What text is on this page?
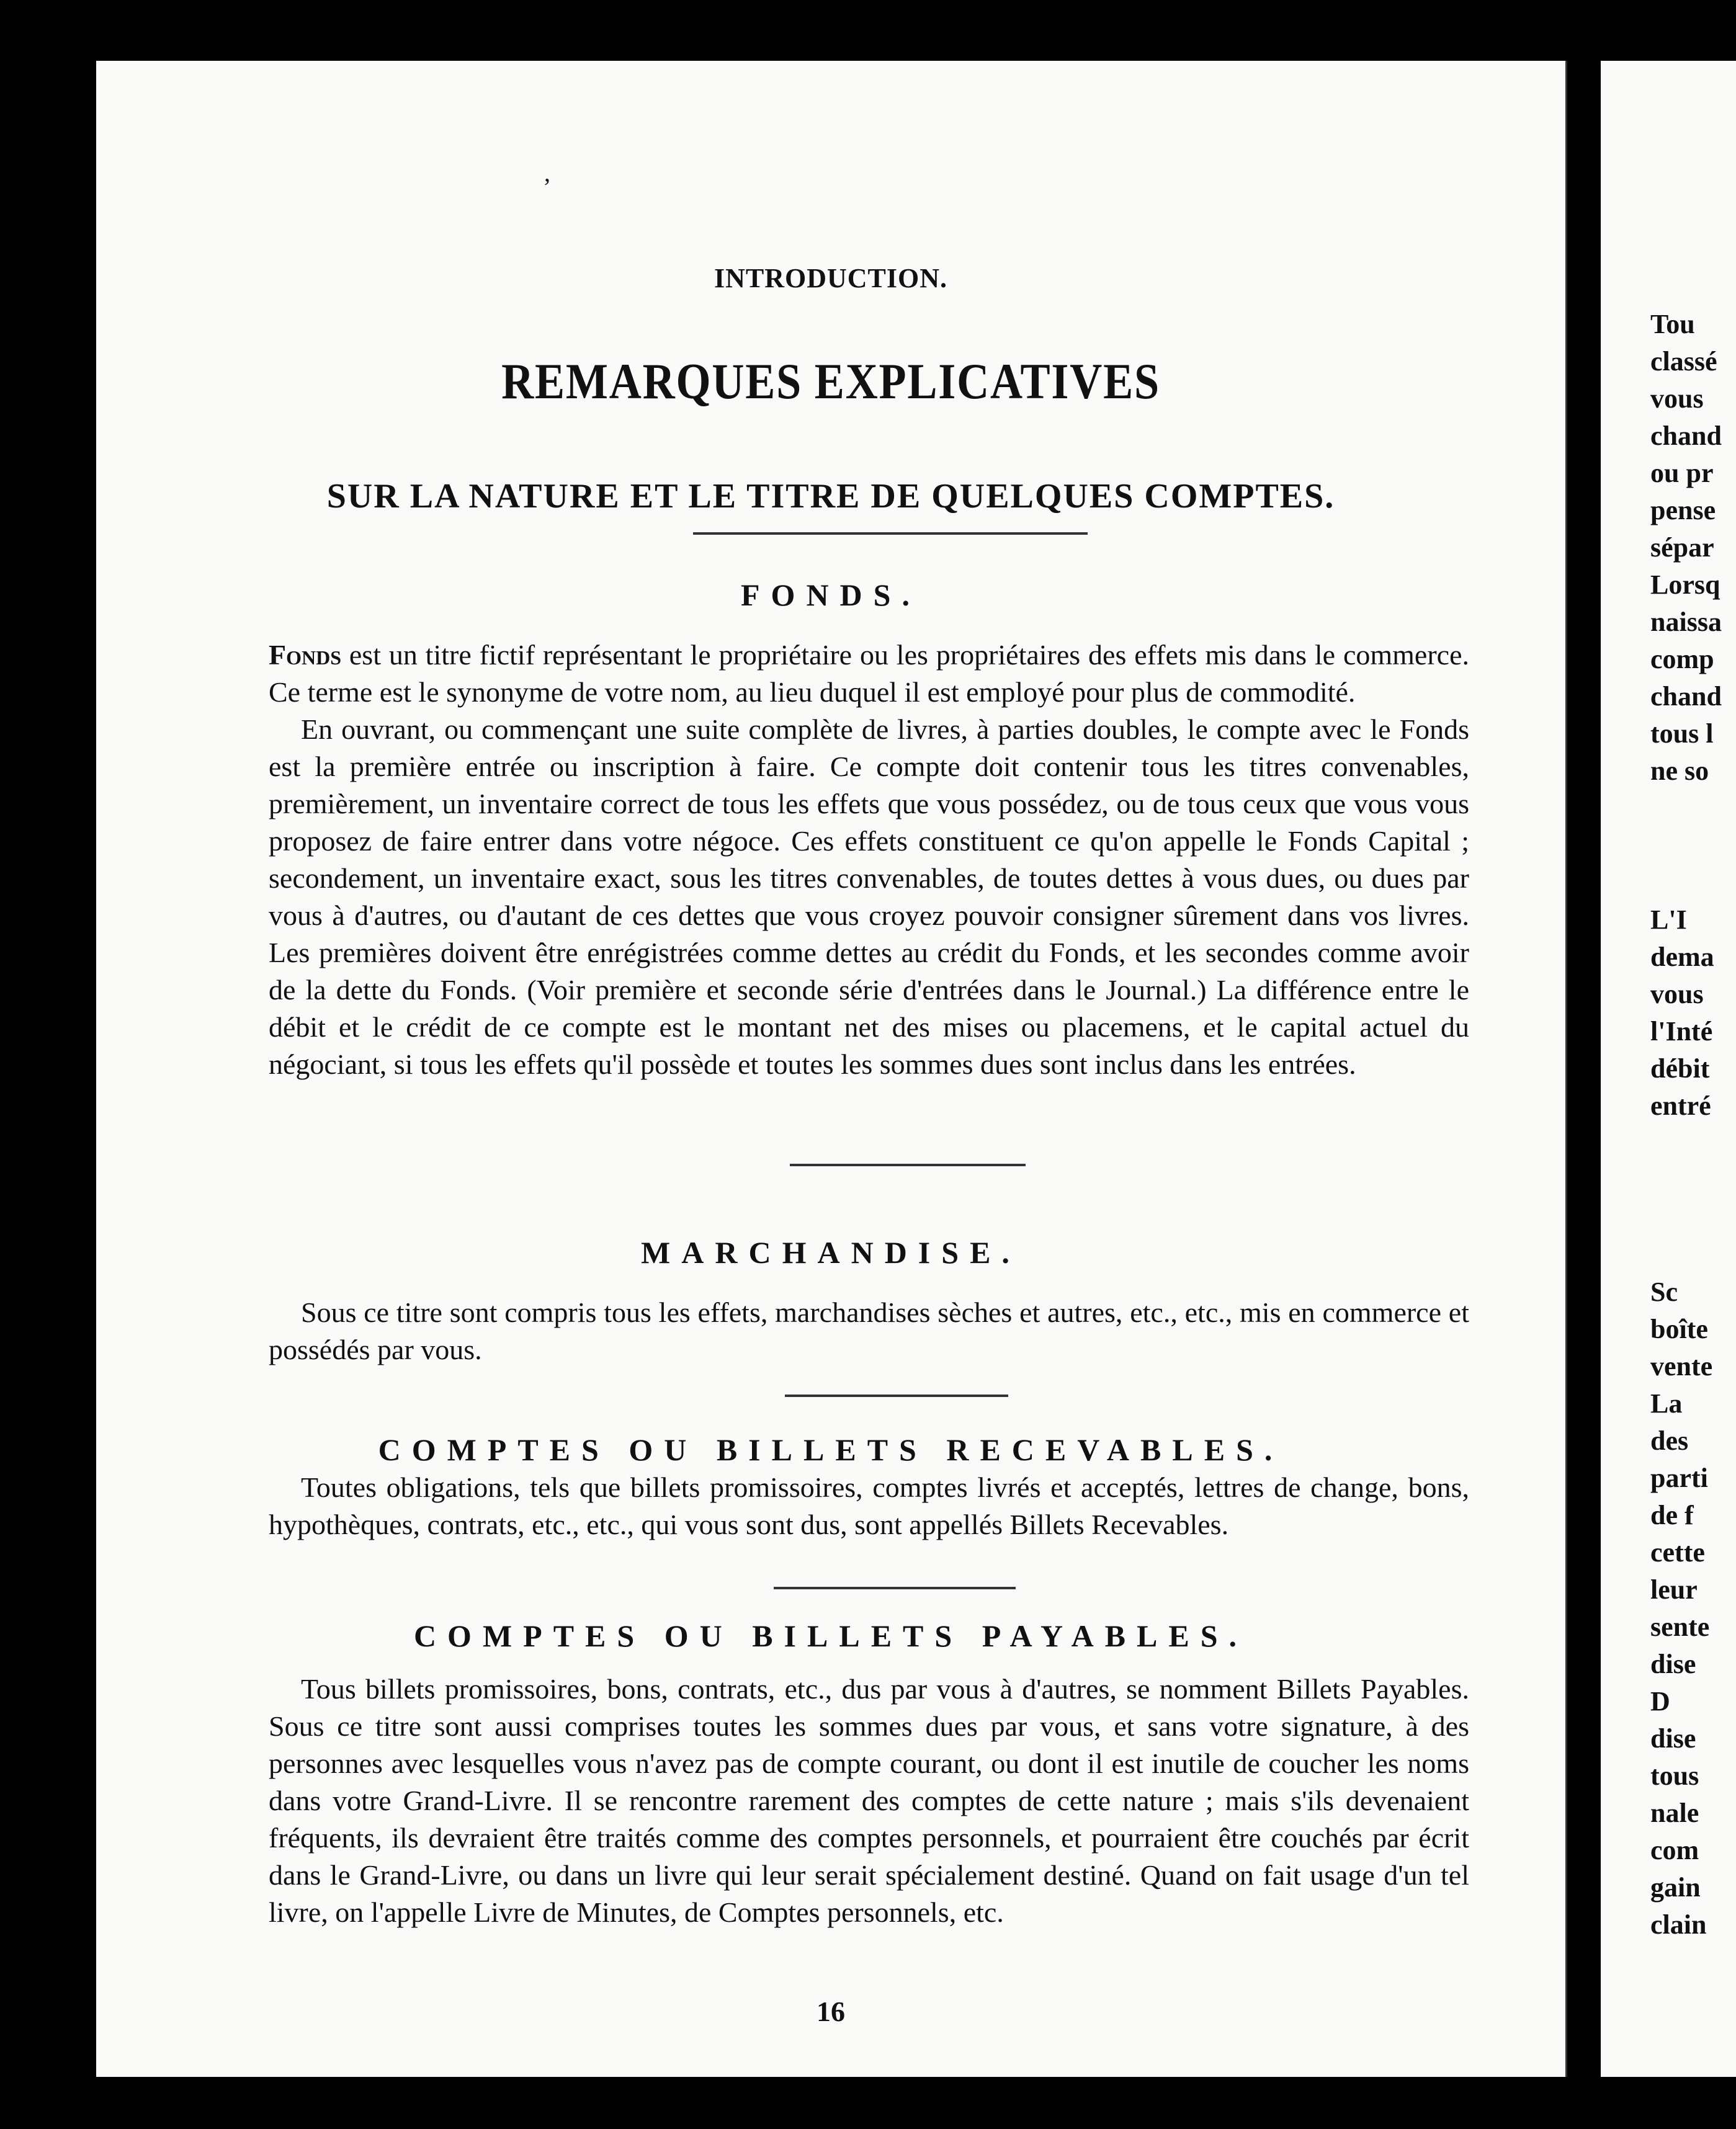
ʼ
INTRODUCTION.
REMARQUES EXPLICATIVES
SUR LA NATURE ET LE TITRE DE QUELQUES COMPTES.
FONDS.

Fonds est un titre fictif représentant le propriétaire ou les propriétaires des effets mis dans le commerce. Ce terme est le synonyme de votre nom, au lieu duquel il est employé pour plus de commodité.

En ouvrant, ou commençant une suite complète de livres, à parties doubles, le compte avec le Fonds est la première entrée ou inscription à faire. Ce compte doit contenir tous les titres convenables, premièrement, un inventaire correct de tous les effets que vous possédez, ou de tous ceux que vous vous proposez de faire entrer dans votre négoce. Ces effets constituent ce qu'on appelle le Fonds Capital ; secondement, un inventaire exact, sous les titres convenables, de toutes dettes à vous dues, ou dues par vous à d'autres, ou d'autant de ces dettes que vous croyez pouvoir consigner sûrement dans vos livres. Les premières doivent être enrégistrées comme dettes au crédit du Fonds, et les secondes comme avoir de la dette du Fonds. (Voir première et seconde série d'entrées dans le Journal.) La différence entre le débit et le crédit de ce compte est le montant net des mises ou placemens, et le capital actuel du négociant, si tous les effets qu'il possède et toutes les sommes dues sont inclus dans les entrées.

MARCHANDISE.

Sous ce titre sont compris tous les effets, marchandises sèches et autres, etc., etc., mis en commerce et possédés par vous.

COMPTES OU BILLETS RECEVABLES.

Toutes obligations, tels que billets promissoires, comptes livrés et acceptés, lettres de change, bons, hypothèques, contrats, etc., etc., qui vous sont dus, sont appellés Billets Recevables.

COMPTES OU BILLETS PAYABLES.

Tous billets promissoires, bons, contrats, etc., dus par vous à d'autres, se nomment Billets Payables. Sous ce titre sont aussi comprises toutes les sommes dues par vous, et sans votre signature, à des personnes avec lesquelles vous n'avez pas de compte courant, ou dont il est inutile de coucher les noms dans votre Grand-Livre. Il se rencontre rarement des comptes de cette nature ; mais s'ils devenaient fréquents, ils devraient être traités comme des comptes personnels, et pourraient être couchés par écrit dans le Grand-Livre, ou dans un livre qui leur serait spécialement destiné. Quand on fait usage d'un tel livre, on l'appelle Livre de Minutes, de Comptes personnels, etc.

16
Tou
classé
vous
chand
ou pr
pense
sépar
Lorsq
naissa
comp
chand
tous l
ne so
L'I
dema
vous
l'Inté
débit
entré
Sc
boîte
vente
La
des
parti
de f
cette
leur
sente
dise
D
dise
tous
nale
com
gain
clain
